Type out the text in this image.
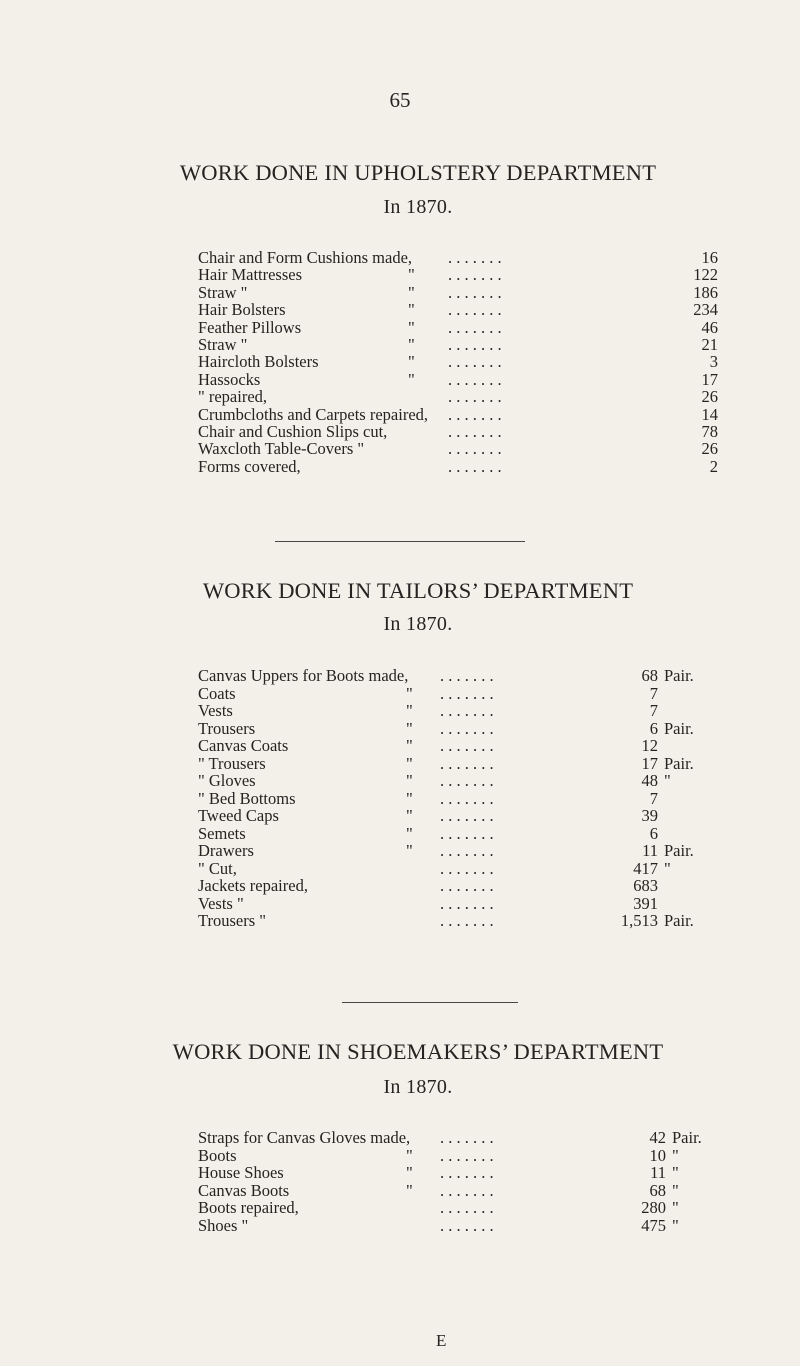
65
WORK DONE IN UPHOLSTERY DEPARTMENT
In 1870.
Chair and Form Cushions made, . . . . . . .	16
Hair Mattresses	" . . . . . . .	122
Straw "	" . . . . . . .	186
Hair Bolsters	" . . . . . . .	234
Feather Pillows	" . . . . . . .	46
Straw "	" . . . . . . .	21
Haircloth Bolsters	" . . . . . . .	3
Hassocks	" . . . . . . .	17
" repaired,	. . . . . . .	26
Crumbcloths and Carpets repaired, . . . . . . .	14
Chair and Cushion Slips cut,	. . . . . . .	78
Waxcloth Table-Covers "	. . . . . . .	26
Forms covered,	. . . . . . .	2
WORK DONE IN TAILORS’ DEPARTMENT
In 1870.
Canvas Uppers for Boots made, . . . . . . .	68 Pair.
Coats	" . . . . . . .	7
Vests	" . . . . . . .	7
Trousers	" . . . . . . .	6 Pair.
Canvas Coats	" . . . . . . .	12
" Trousers	" . . . . . . .	17 Pair.
" Gloves	" . . . . . . .	48 "
" Bed Bottoms	" . . . . . . .	7
Tweed Caps	" . . . . . . .	39
Semets	" . . . . . . .	6
Drawers	" . . . . . . .	11 Pair.
" Cut,	. . . . . . .	417 "
Jackets repaired,	. . . . . . .	683
Vests "	. . . . . . .	391
Trousers "	. . . . . . .	1,513 Pair.
WORK DONE IN SHOEMAKERS’ DEPARTMENT
In 1870.
Straps for Canvas Gloves made, . . . . . . .	42 Pair.
Boots	" . . . . . . .	10 "
House Shoes	" . . . . . . .	11 "
Canvas Boots	" . . . . . . .	68 "
Boots repaired,	. . . . . . .	280 "
Shoes "	. . . . . . .	475 "
E
